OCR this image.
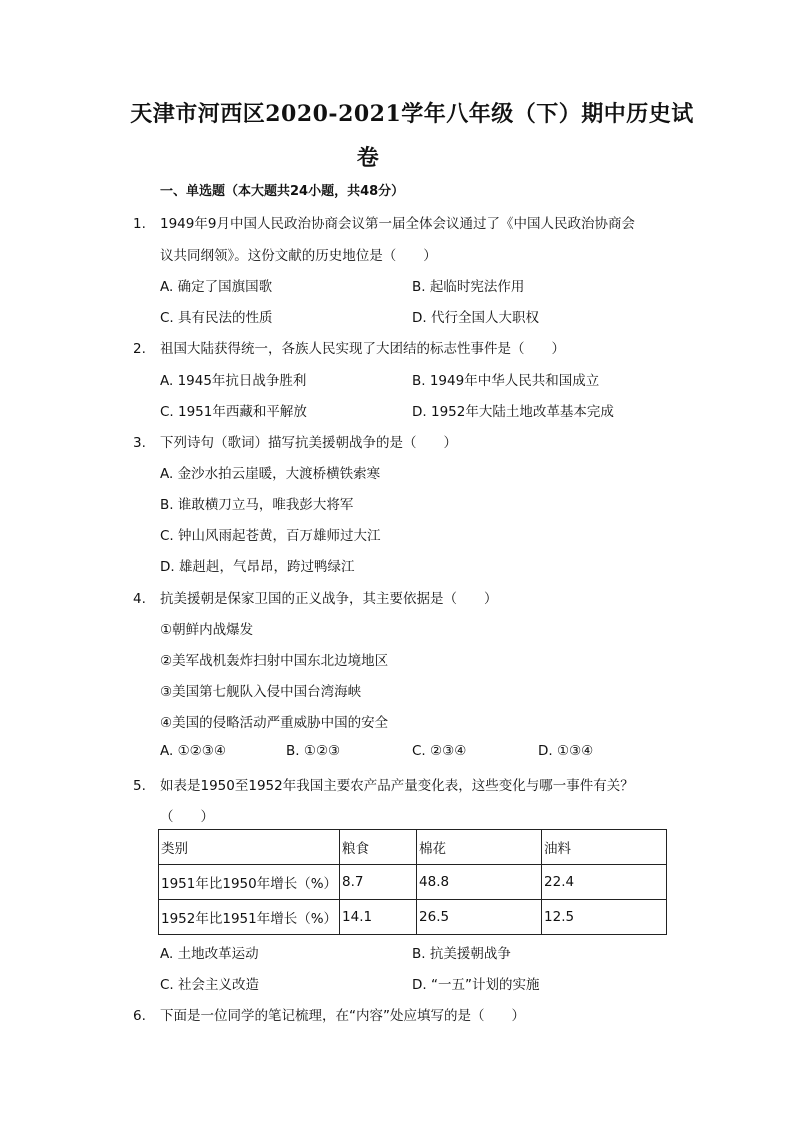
天津市河西区2020-2021学年八年级（下）期中历史试
卷
一、单选题（本大题共24小题，共48分）
1. 1949年9月中国人民政治协商会议第一届全体会议通过了《中国人民政治协商会
议共同纲领》。这份文献的历史地位是（　　）
A. 确定了国旗国歌	B. 起临时宪法作用
C. 具有民法的性质	D. 代行全国人大职权
2. 祖国大陆获得统一，各族人民实现了大团结的标志性事件是（　　）
A. 1945年抗日战争胜利	B. 1949年中华人民共和国成立
C. 1951年西藏和平解放	D. 1952年大陆土地改革基本完成
3. 下列诗句（歌词）描写抗美援朝战争的是（　　）
A. 金沙水拍云崖暖，大渡桥横铁索寒
B. 谁敢横刀立马，唯我彭大将军
C. 钟山风雨起苍黄，百万雄师过大江
D. 雄赳赳，气昂昂，跨过鸭绿江
4. 抗美援朝是保家卫国的正义战争，其主要依据是（　　）
①朝鲜内战爆发
②美军战机轰炸扫射中国东北边境地区
③美国第七舰队入侵中国台湾海峡
④美国的侵略活动严重威胁中国的安全
A. ①②③④	B. ①②③	C. ②③④	D. ①③④
5. 如表是1950至1952年我国主要农产品产量变化表，这些变化与哪一事件有关？
（　　）
类别	粮食	棉花	油料
1951年比1950年增长（%）	8.7	48.8	22.4
1952年比1951年增长（%）	14.1	26.5	12.5
A. 土地改革运动	B. 抗美援朝战争
C. 社会主义改造	D. “一五”计划的实施
6. 下面是一位同学的笔记梳理，在“内容”处应填写的是（　　）
